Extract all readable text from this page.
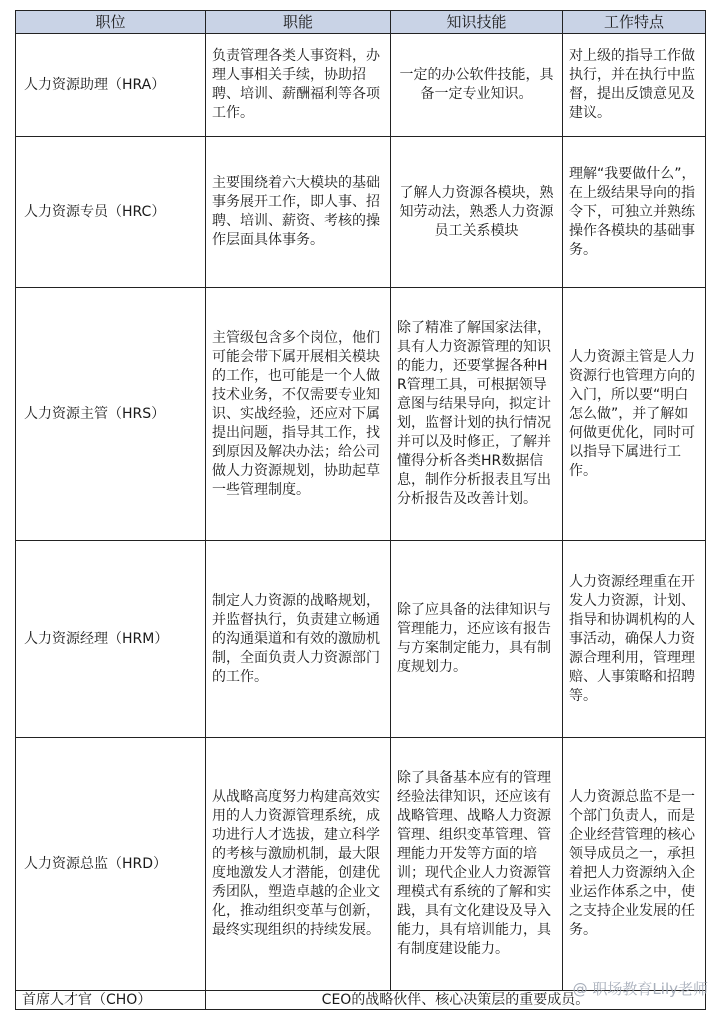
职位	职能	知识技能	工作特点
人力资源助理（HRA）	负责管理各类人事资料，办理人事相关手续，协助招聘、培训、薪酬福利等各项工作。	一定的办公软件技能，具备一定专业知识。	对上级的指导工作做执行，并在执行中监督，提出反馈意见及建议。
人力资源专员（HRC）	主要围绕着六大模块的基础事务展开工作，即人事、招聘、培训、薪资、考核的操作层面具体事务。	了解人力资源各模块，熟知劳动法，熟悉人力资源员工关系模块	理解“我要做什么”，在上级结果导向的指令下，可独立并熟练操作各模块的基础事务。
人力资源主管（HRS）	主管级包含多个岗位，他们可能会带下属开展相关模块的工作，也可能是一个人做技术业务，不仅需要专业知识、实战经验，还应对下属提出问题，指导其工作，找到原因及解决办法；给公司做人力资源规划，协助起草一些管理制度。	除了精准了解国家法律，具有人力资源管理的知识的能力，还要掌握各种HR管理工具，可根据领导意图与结果导向，拟定计划，监督计划的执行情况并可以及时修正，了解并懂得分析各类HR数据信息，制作分析报表且写出分析报告及改善计划。	人力资源主管是人力资源行也管理方向的入门，所以要“明白怎么做”，并了解如何做更优化，同时可以指导下属进行工作。
人力资源经理（HRM）	制定人力资源的战略规划，并监督执行，负责建立畅通的沟通渠道和有效的激励机制，全面负责人力资源部门的工作。	除了应具备的法律知识与管理能力，还应该有报告与方案制定能力，具有制度规划力。	人力资源经理重在开发人力资源，计划、指导和协调机构的人事活动，确保人力资源合理利用，管理理赔、人事策略和招聘等。
人力资源总监（HRD）	从战略高度努力构建高效实用的人力资源管理系统，成功进行人才选拔，建立科学的考核与激励机制，最大限度地激发人才潜能，创建优秀团队，塑造卓越的企业文化，推动组织变革与创新，最终实现组织的持续发展。	除了具备基本应有的管理经验法律知识，还应该有战略管理、战略人力资源管理、组织变革管理、管理能力开发等方面的培训；现代企业人力资源管理模式有系统的了解和实践，具有文化建设及导入能力，具有培训能力，具有制度建设能力。	人力资源总监不是一个部门负责人，而是企业经营管理的核心领导成员之一，承担着把人力资源纳入企业运作体系之中，使之支持企业发展的任务。
首席人才官（CHO）	CEO的战略伙伴、核心决策层的重要成员。		
@ 职场教育Lily老师
